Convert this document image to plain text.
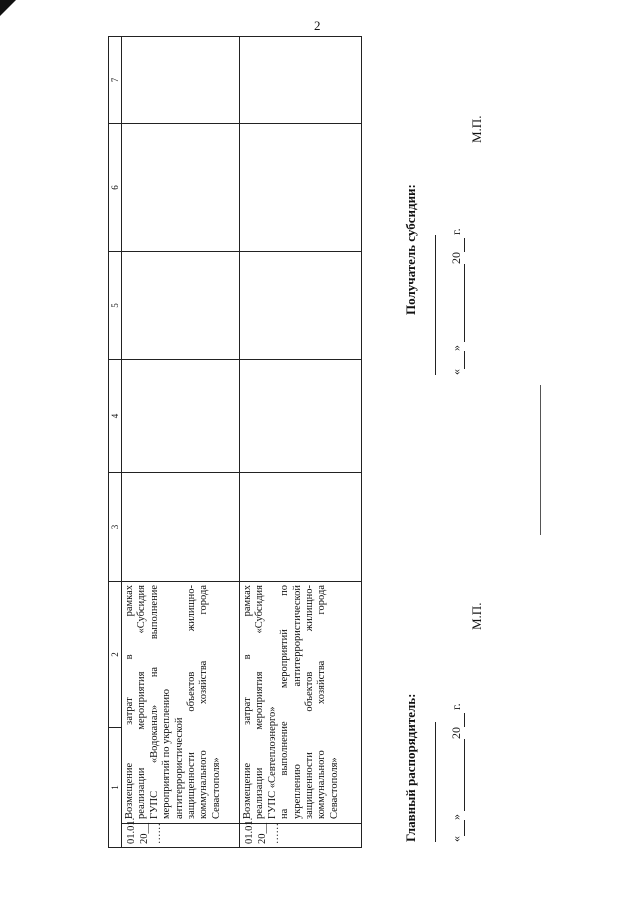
2
1
2
3
4
5
6
7
01.01. 20__ ……
Возмещение затрат в рамках реализации мероприятия «Субсидия ГУПС «Водоканал» на выполнение мероприятий по укреплению антитеррористической защищенности объектов жилищно- коммунального хозяйства города Севастополя»
01.01. 20__ ……
Возмещение затрат в рамках реализации мероприятия «Субсидия ГУПС «Севтеплоэнерго» на выполнение мероприятий по укреплению антитеррористической защищенности объектов жилищно- коммунального хозяйства города Севастополя»	Главный распорядитель:	« »  20  г.
М.П.
Получатель субсидии:
« »  20  г.
М.П.
